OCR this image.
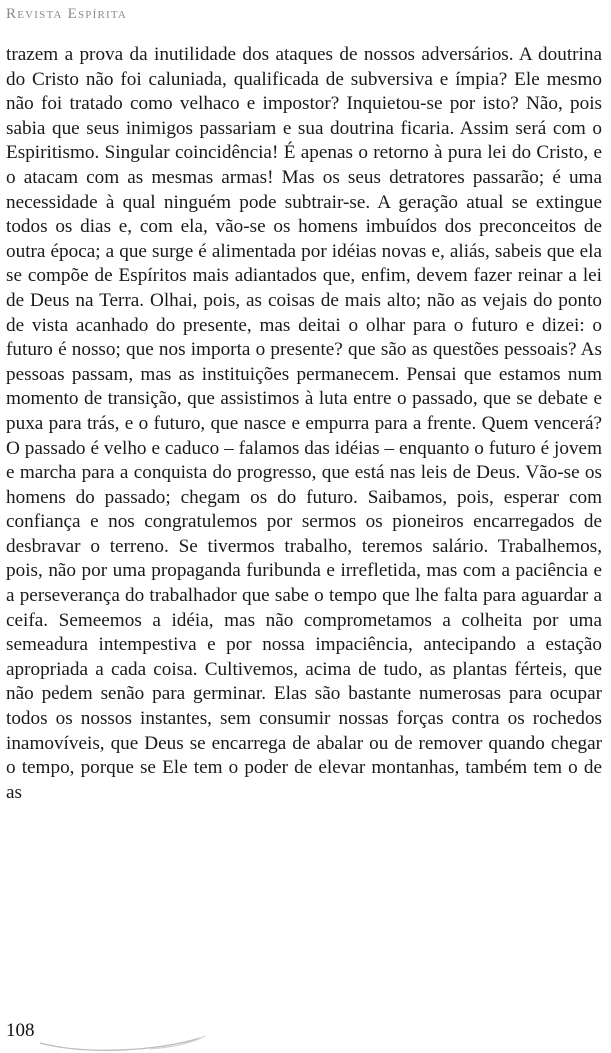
Revista Espírita

trazem a prova da inutilidade dos ataques de nossos adversários. A doutrina do Cristo não foi caluniada, qualificada de subversiva e ímpia? Ele mesmo não foi tratado como velhaco e impostor? Inquietou-se por isto? Não, pois sabia que seus inimigos passariam e sua doutrina ficaria. Assim será com o Espiritismo. Singular coincidência! É apenas o retorno à pura lei do Cristo, e o atacam com as mesmas armas! Mas os seus detratores passarão; é uma necessidade à qual ninguém pode subtrair-se. A geração atual se extingue todos os dias e, com ela, vão-se os homens imbuídos dos preconceitos de outra época; a que surge é alimentada por idéias novas e, aliás, sabeis que ela se compõe de Espíritos mais adiantados que, enfim, devem fazer reinar a lei de Deus na Terra. Olhai, pois, as coisas de mais alto; não as vejais do ponto de vista acanhado do presente, mas deitai o olhar para o futuro e dizei: o futuro é nosso; que nos importa o presente? que são as questões pessoais? As pessoas passam, mas as instituições permanecem. Pensai que estamos num momento de transição, que assistimos à luta entre o passado, que se debate e puxa para trás, e o futuro, que nasce e empurra para a frente. Quem vencerá? O passado é velho e caduco – falamos das idéias – enquanto o futuro é jovem e marcha para a conquista do progresso, que está nas leis de Deus. Vão-se os homens do passado; chegam os do futuro. Saibamos, pois, esperar com confiança e nos congratulemos por sermos os pioneiros encarregados de desbravar o terreno. Se tivermos trabalho, teremos salário. Trabalhemos, pois, não por uma propaganda furibunda e irrefletida, mas com a paciência e a perseverança do trabalhador que sabe o tempo que lhe falta para aguardar a ceifa. Semeemos a idéia, mas não comprometamos a colheita por uma semeadura intempestiva e por nossa impaciência, antecipando a estação apropriada a cada coisa. Cultivemos, acima de tudo, as plantas férteis, que não pedem senão para germinar. Elas são bastante numerosas para ocupar todos os nossos instantes, sem consumir nossas forças contra os rochedos inamovíveis, que Deus se encarrega de abalar ou de remover quando chegar o tempo, porque se Ele tem o poder de elevar montanhas, também tem o de as

108
